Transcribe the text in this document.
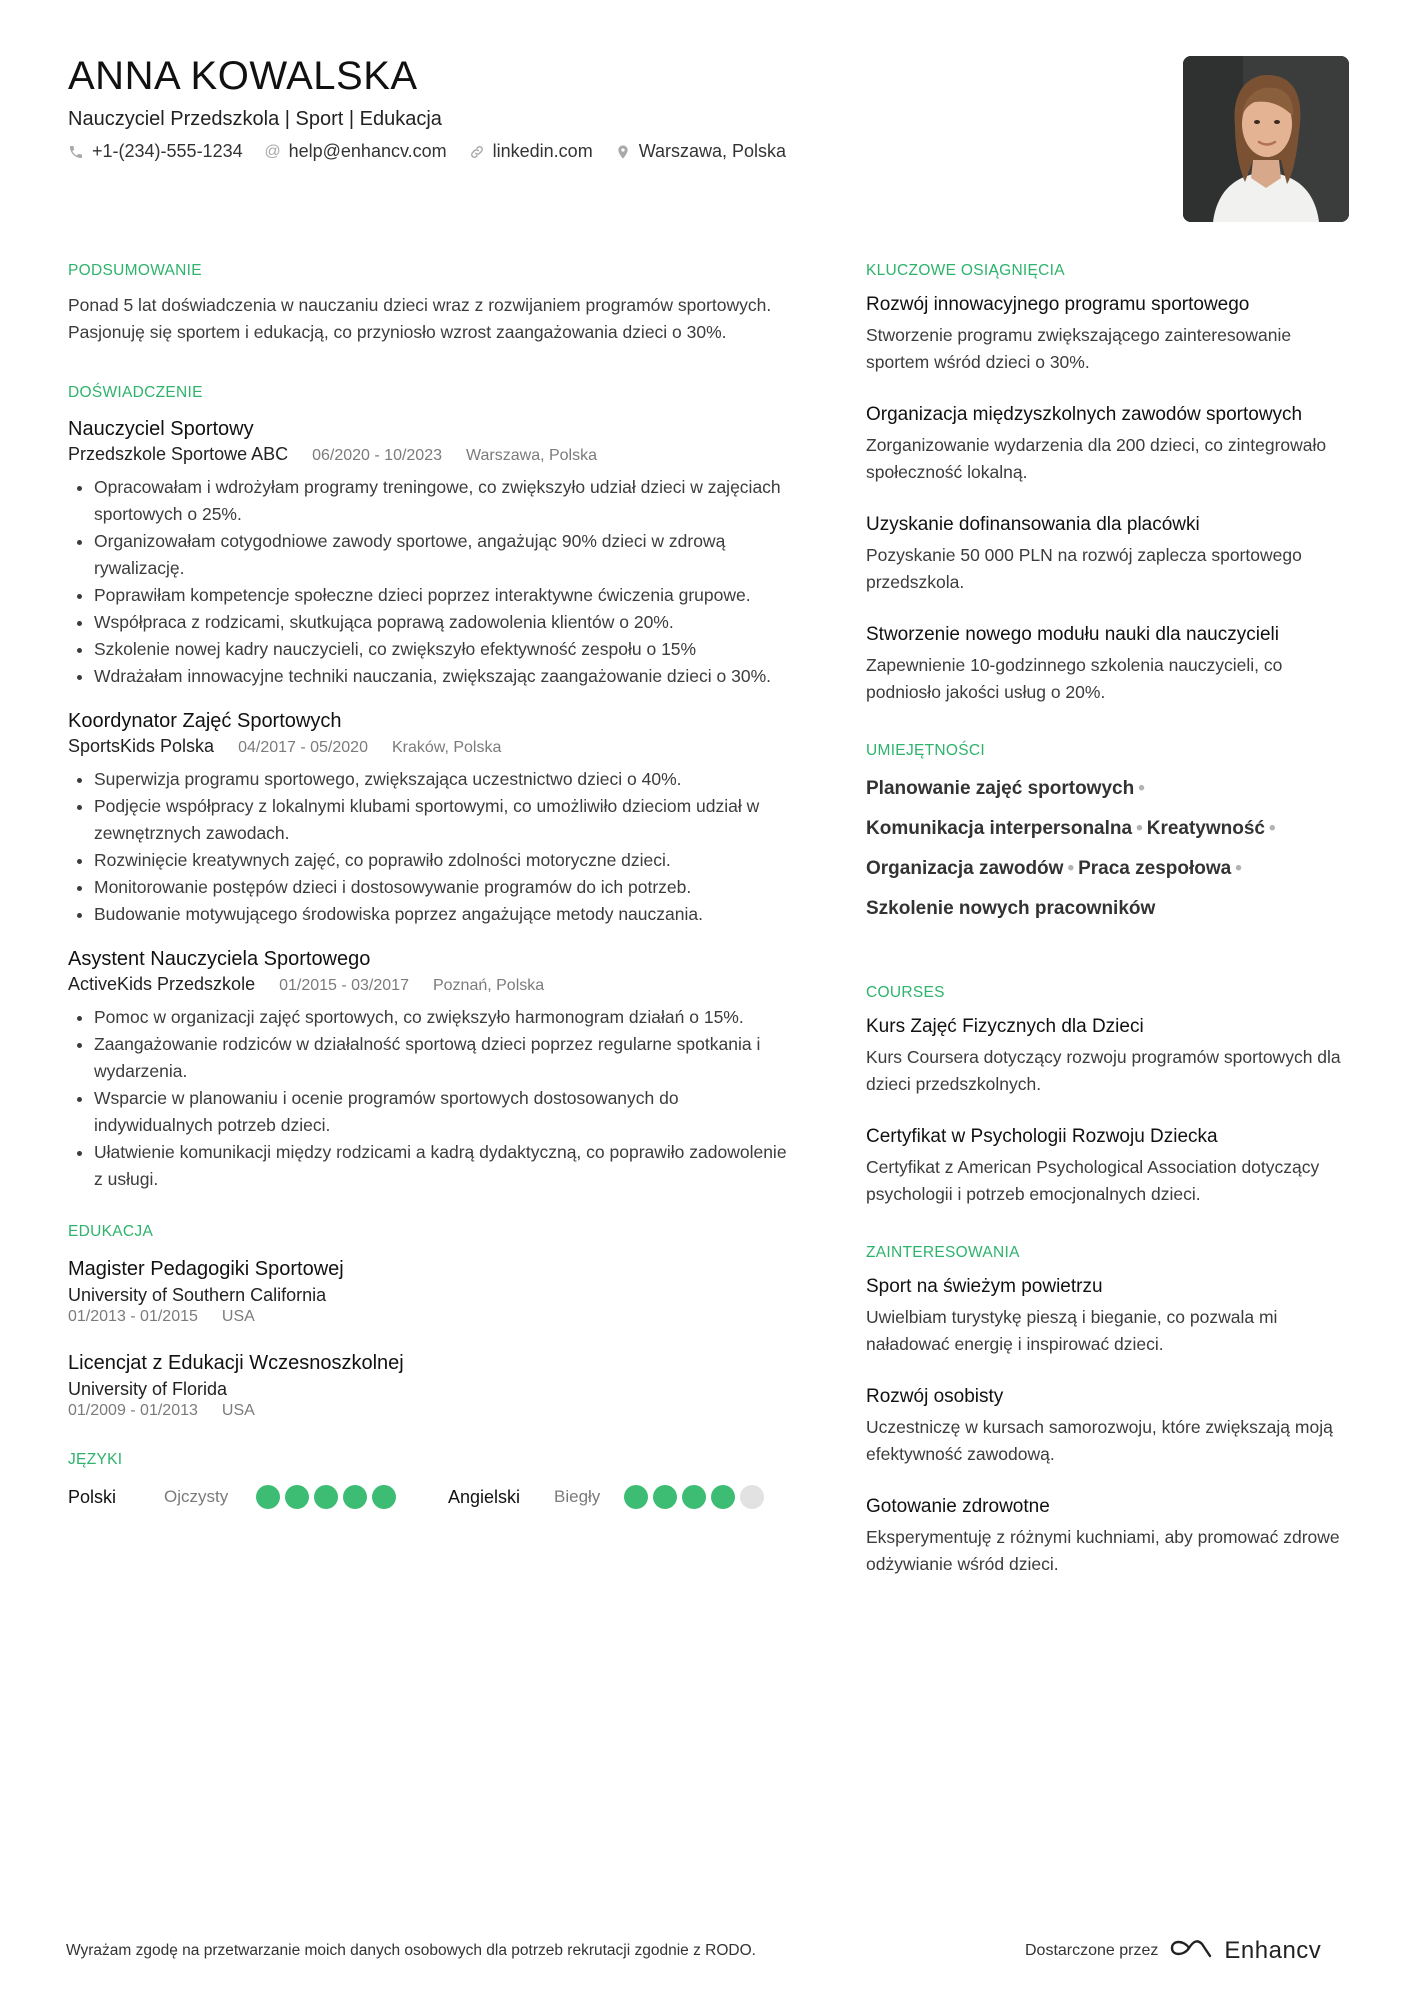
ANNA KOWALSKA
Nauczyciel Przedszkola | Sport | Edukacja
+1-(234)-555-1234 @ help@enhancv.com	linkedin.com	Warszawa, Polska
PODSUMOWANIE

Ponad 5 lat doświadczenia w nauczaniu dzieci wraz z rozwijaniem programów sportowych. Pasjonuję się sportem i edukacją, co przyniosło wzrost zaangażowania dzieci o 30%.

DOŚWIADCZENIE
Nauczyciel Sportowy
Przedszkole Sportowe ABC 06/2020 - 10/2023 Warszawa, Polska
• Opracowałam i wdrożyłam programy treningowe, co zwiększyło udział dzieci w zajęciach sportowych o 25%.
• Organizowałam cotygodniowe zawody sportowe, angażując 90% dzieci w zdrową rywalizację.
• Poprawiłam kompetencje społeczne dzieci poprzez interaktywne ćwiczenia grupowe.
• Współpraca z rodzicami, skutkująca poprawą zadowolenia klientów o 20%.
• Szkolenie nowej kadry nauczycieli, co zwiększyło efektywność zespołu o 15%
• Wdrażałam innowacyjne techniki nauczania, zwiększając zaangażowanie dzieci o 30%.
Koordynator Zajęć Sportowych
SportsKids Polska 04/2017 - 05/2020 Kraków, Polska
• Superwizja programu sportowego, zwiększająca uczestnictwo dzieci o 40%.
• Podjęcie współpracy z lokalnymi klubami sportowymi, co umożliwiło dzieciom udział w zewnętrznych zawodach.
• Rozwinięcie kreatywnych zajęć, co poprawiło zdolności motoryczne dzieci.
• Monitorowanie postępów dzieci i dostosowywanie programów do ich potrzeb.
• Budowanie motywującego środowiska poprzez angażujące metody nauczania.
Asystent Nauczyciela Sportowego
ActiveKids Przedszkole 01/2015 - 03/2017 Poznań, Polska
• Pomoc w organizacji zajęć sportowych, co zwiększyło harmonogram działań o 15%.
• Zaangażowanie rodziców w działalność sportową dzieci poprzez regularne spotkania i wydarzenia.
• Wsparcie w planowaniu i ocenie programów sportowych dostosowanych do indywidualnych potrzeb dzieci.
• Ułatwienie komunikacji między rodzicami a kadrą dydaktyczną, co poprawiło zadowolenie z usługi.
EDUKACJA
Magister Pedagogiki Sportowej
University of Southern California
01/2013 - 01/2015 USA
Licencjat z Edukacji Wczesnoszkolnej
University of Florida
01/2009 - 01/2013 USA
JĘZYKI
Polski	Ojczysty	Angielski	Biegły
KLUCZOWE OSIĄGNIĘCIA
Rozwój innowacyjnego programu sportowego
Stworzenie programu zwiększającego zainteresowanie sportem wśród dzieci o 30%.
Organizacja międzyszkolnych zawodów sportowych
Zorganizowanie wydarzenia dla 200 dzieci, co zintegrowało społeczność lokalną.
Uzyskanie dofinansowania dla placówki
Pozyskanie 50 000 PLN na rozwój zaplecza sportowego przedszkola.
Stworzenie nowego modułu nauki dla nauczycieli
Zapewnienie 10-godzinnego szkolenia nauczycieli, co podniosło jakości usług o 20%.
UMIEJĘTNOŚCI
Planowanie zajęć sportowych •
Komunikacja interpersonalna • Kreatywność •
Organizacja zawodów • Praca zespołowa •
Szkolenie nowych pracowników
COURSES
Kurs Zajęć Fizycznych dla Dzieci
Kurs Coursera dotyczący rozwoju programów sportowych dla dzieci przedszkolnych.
Certyfikat w Psychologii Rozwoju Dziecka
Certyfikat z American Psychological Association dotyczący psychologii i potrzeb emocjonalnych dzieci.
ZAINTERESOWANIA
Sport na świeżym powietrzu
Uwielbiam turystykę pieszą i bieganie, co pozwala mi naładować energię i inspirować dzieci.
Rozwój osobisty
Uczestniczę w kursach samorozwoju, które zwiększają moją efektywność zawodową.
Gotowanie zdrowotne
Eksperymentuję z różnymi kuchniami, aby promować zdrowe odżywianie wśród dzieci.
Wyrażam zgodę na przetwarzanie moich danych osobowych dla potrzeb rekrutacji zgodnie z RODO.	Dostarczone przez	Enhancv
